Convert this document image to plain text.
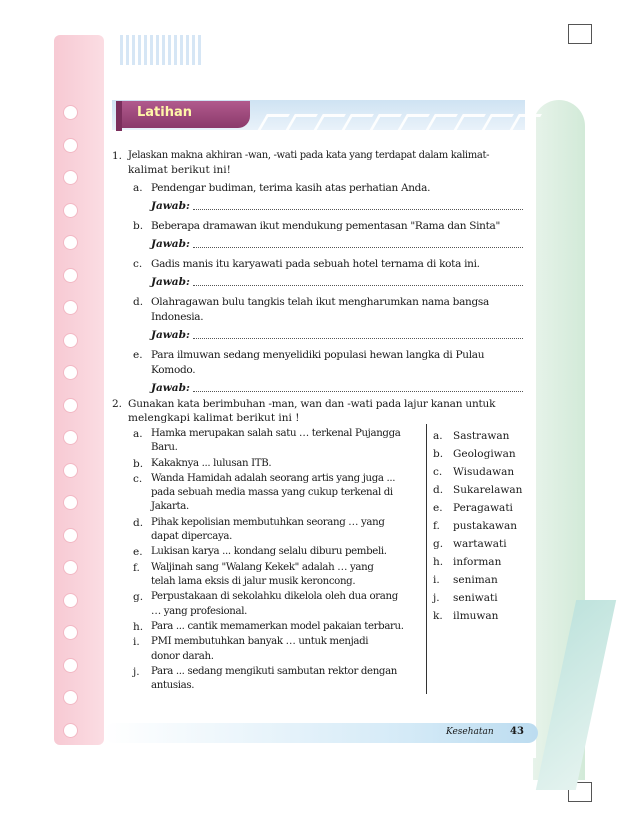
Latihan
Kesehatan 43
1. Jelaskan makna akhiran -wan, -wati pada kata yang terdapat dalam kalimat-
kalimat berikut ini!
a. Pendengar budiman, terima kasih atas perhatian Anda.
Jawab:
b. Beberapa dramawan ikut mendukung pementasan "Rama dan Sinta"
Jawab:
c. Gadis manis itu karyawati pada sebuah hotel ternama di kota ini.
Jawab:
d. Olahragawan bulu tangkis telah ikut mengharumkan nama bangsa
Indonesia.
Jawab:
e. Para ilmuwan sedang menyelidiki populasi hewan langka di Pulau
Komodo.
Jawab:
2. Gunakan kata berimbuhan -man, wan dan -wati pada lajur kanan untuk
melengkapi kalimat berikut ini !
a. Hamka merupakan salah satu … terkenal Pujangga
Baru.
b. Kakaknya ... lulusan ITB.
c. Wanda Hamidah adalah seorang artis yang juga ...
pada sebuah media massa yang cukup terkenal di
Jakarta.
d. Pihak kepolisian membutuhkan seorang … yang
dapat dipercaya.
e. Lukisan karya ... kondang selalu diburu pembeli.
f. Waljinah sang "Walang Kekek" adalah … yang
telah lama eksis di jalur musik keroncong.
g. Perpustakaan di sekolahku dikelola oleh dua orang
… yang profesional.
h. Para ... cantik memamerkan model pakaian terbaru.
i. PMI membutuhkan banyak … untuk menjadi
donor darah.
j. Para ... sedang mengikuti sambutan rektor dengan
antusias.
a. Sastrawan
b. Geologiwan
c. Wisudawan
d. Sukarelawan
e. Peragawati
f. pustakawan
g. wartawati
h. informan
i. seniman
j. seniwati
k. ilmuwan
